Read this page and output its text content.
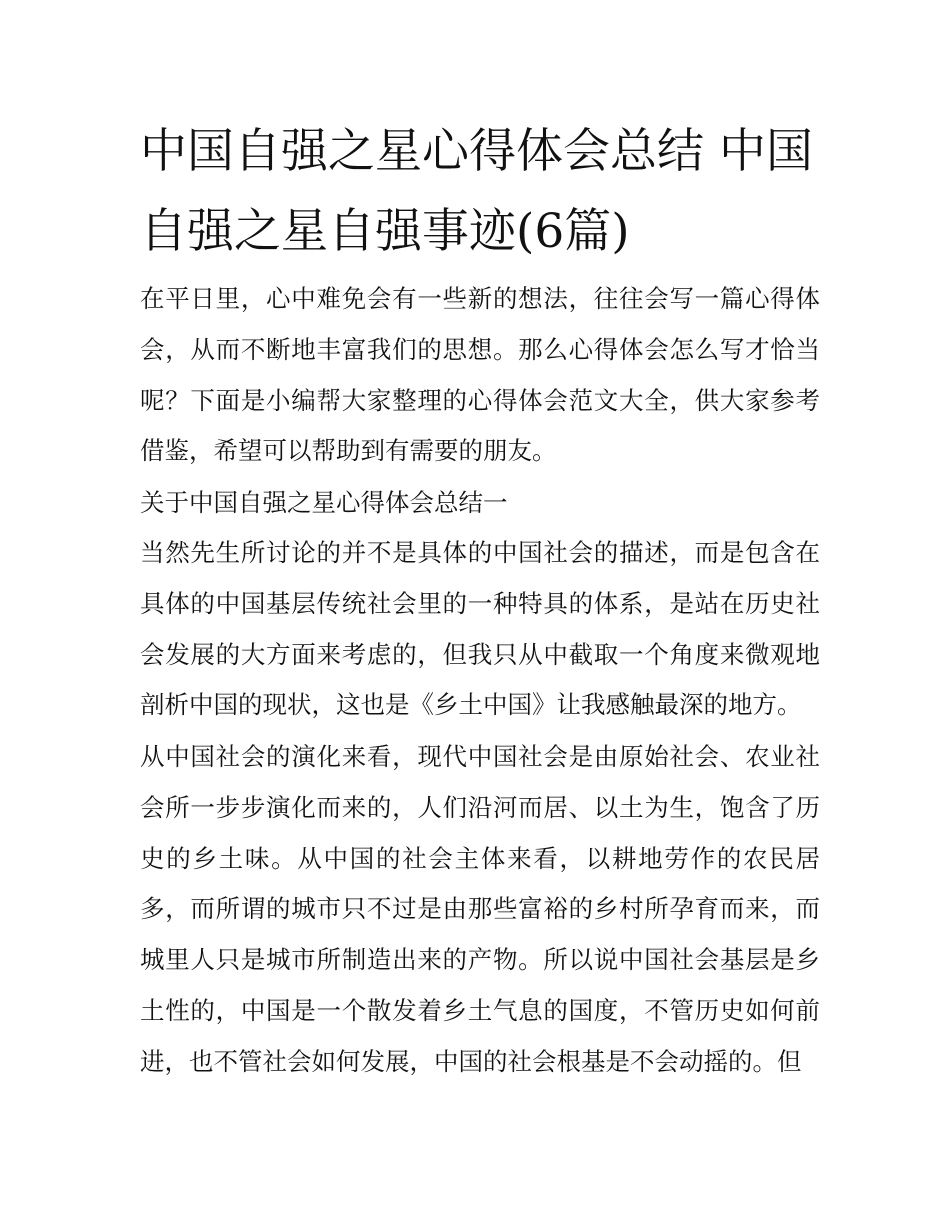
中国自强之星心得体会总结 中国自强之星自强事迹(6篇)

在平日里，心中难免会有一些新的想法，往往会写一篇心得体会，从而不断地丰富我们的思想。那么心得体会怎么写才恰当呢？下面是小编帮大家整理的心得体会范文大全，供大家参考借鉴，希望可以帮助到有需要的朋友。

关于中国自强之星心得体会总结一

当然先生所讨论的并不是具体的中国社会的描述，而是包含在具体的中国基层传统社会里的一种特具的体系，是站在历史社会发展的大方面来考虑的，但我只从中截取一个角度来微观地剖析中国的现状，这也是《乡土中国》让我感触最深的地方。

从中国社会的演化来看，现代中国社会是由原始社会、农业社会所一步步演化而来的，人们沿河而居、以土为生，饱含了历史的乡土味。从中国的社会主体来看，以耕地劳作的农民居多，而所谓的城市只不过是由那些富裕的乡村所孕育而来，而城里人只是城市所制造出来的产物。所以说中国社会基层是乡土性的，中国是一个散发着乡土气息的国度，不管历史如何前进，也不管社会如何发展，中国的社会根基是不会动摇的。但
